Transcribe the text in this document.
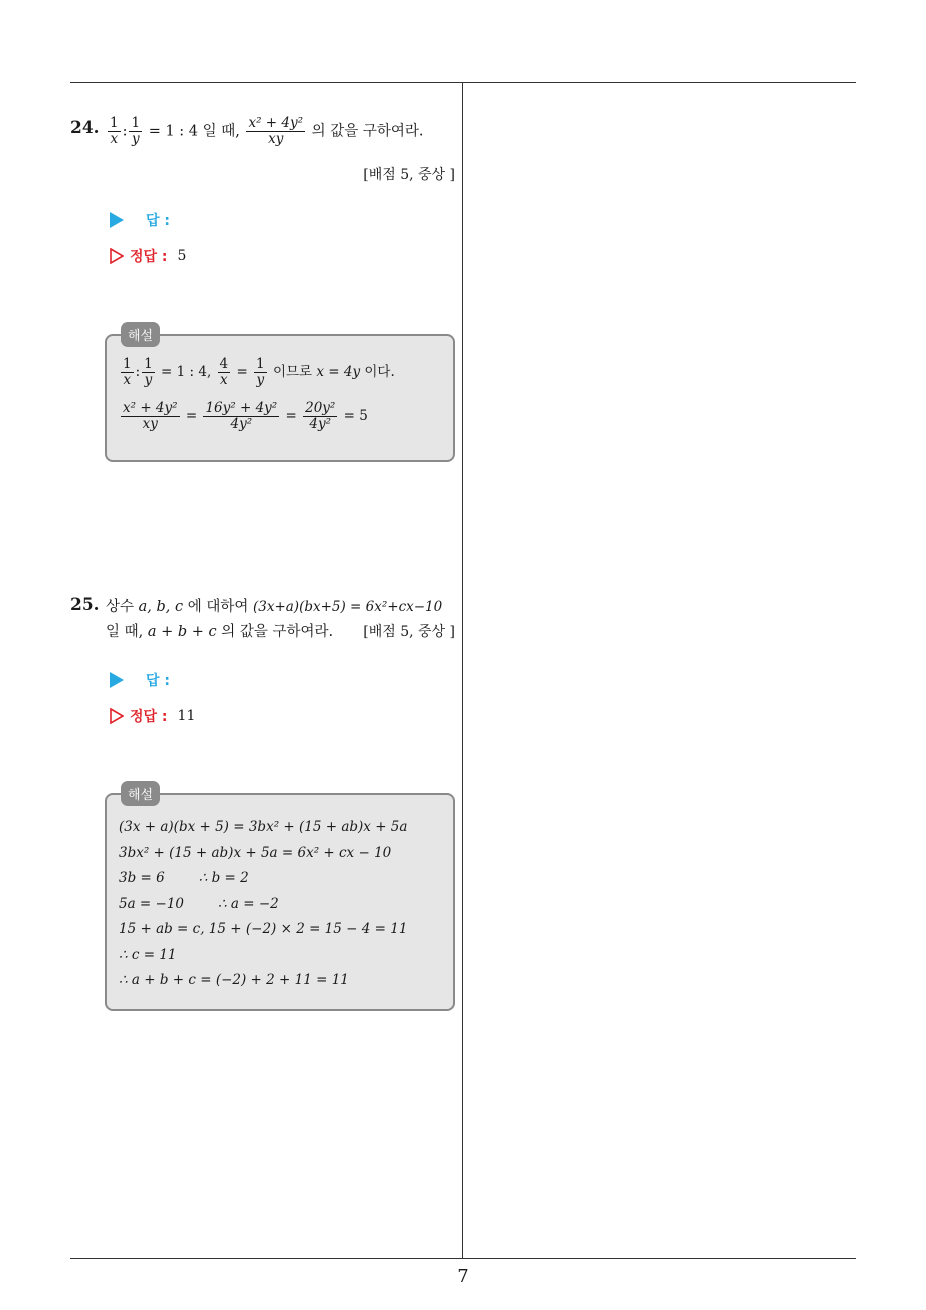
24. $\frac{1}{x}$ : $\frac{1}{y} = 1$ : 4 일 때, $\frac{\text{x² + 4y²}}{xy}$ 의 값을 구하여라.
[배점 5, 중상 ]
답 :
정답 : 5
해설
$\frac{1}{x}$ : $\frac{1}{y} = 1$ : 4, $\frac{4}{x} = \frac{1}{y}$ 이므로 x = 4y 이다.
$\frac{\text{x² + 4y²}}{xy} = \frac{\text{16y² + 4y²}}{\text{4y²}} = \frac{\text{20y²}}{\text{4y²}} = 5$
25. 상수 a, b, c 에 대하여 (3x+a)(bx+5) = 6x²+cx−10
일 때, a + b + c 의 값을 구하여라. [배점 5, 중상 ]
답 :
정답 : 11
해설
(3x + a)(bx + 5) = 3bx² + (15 + ab)x + 5a
3bx² + (15 + ab)x + 5a = 6x² + cx − 10
3b = 6	∴ b = 2
5a = −10	∴ a = −2
15 + ab = c, 15 + (−2) × 2 = 15 − 4 = 11
∴ c = 11
∴ a + b + c = (−2) + 2 + 11 = 11
7
